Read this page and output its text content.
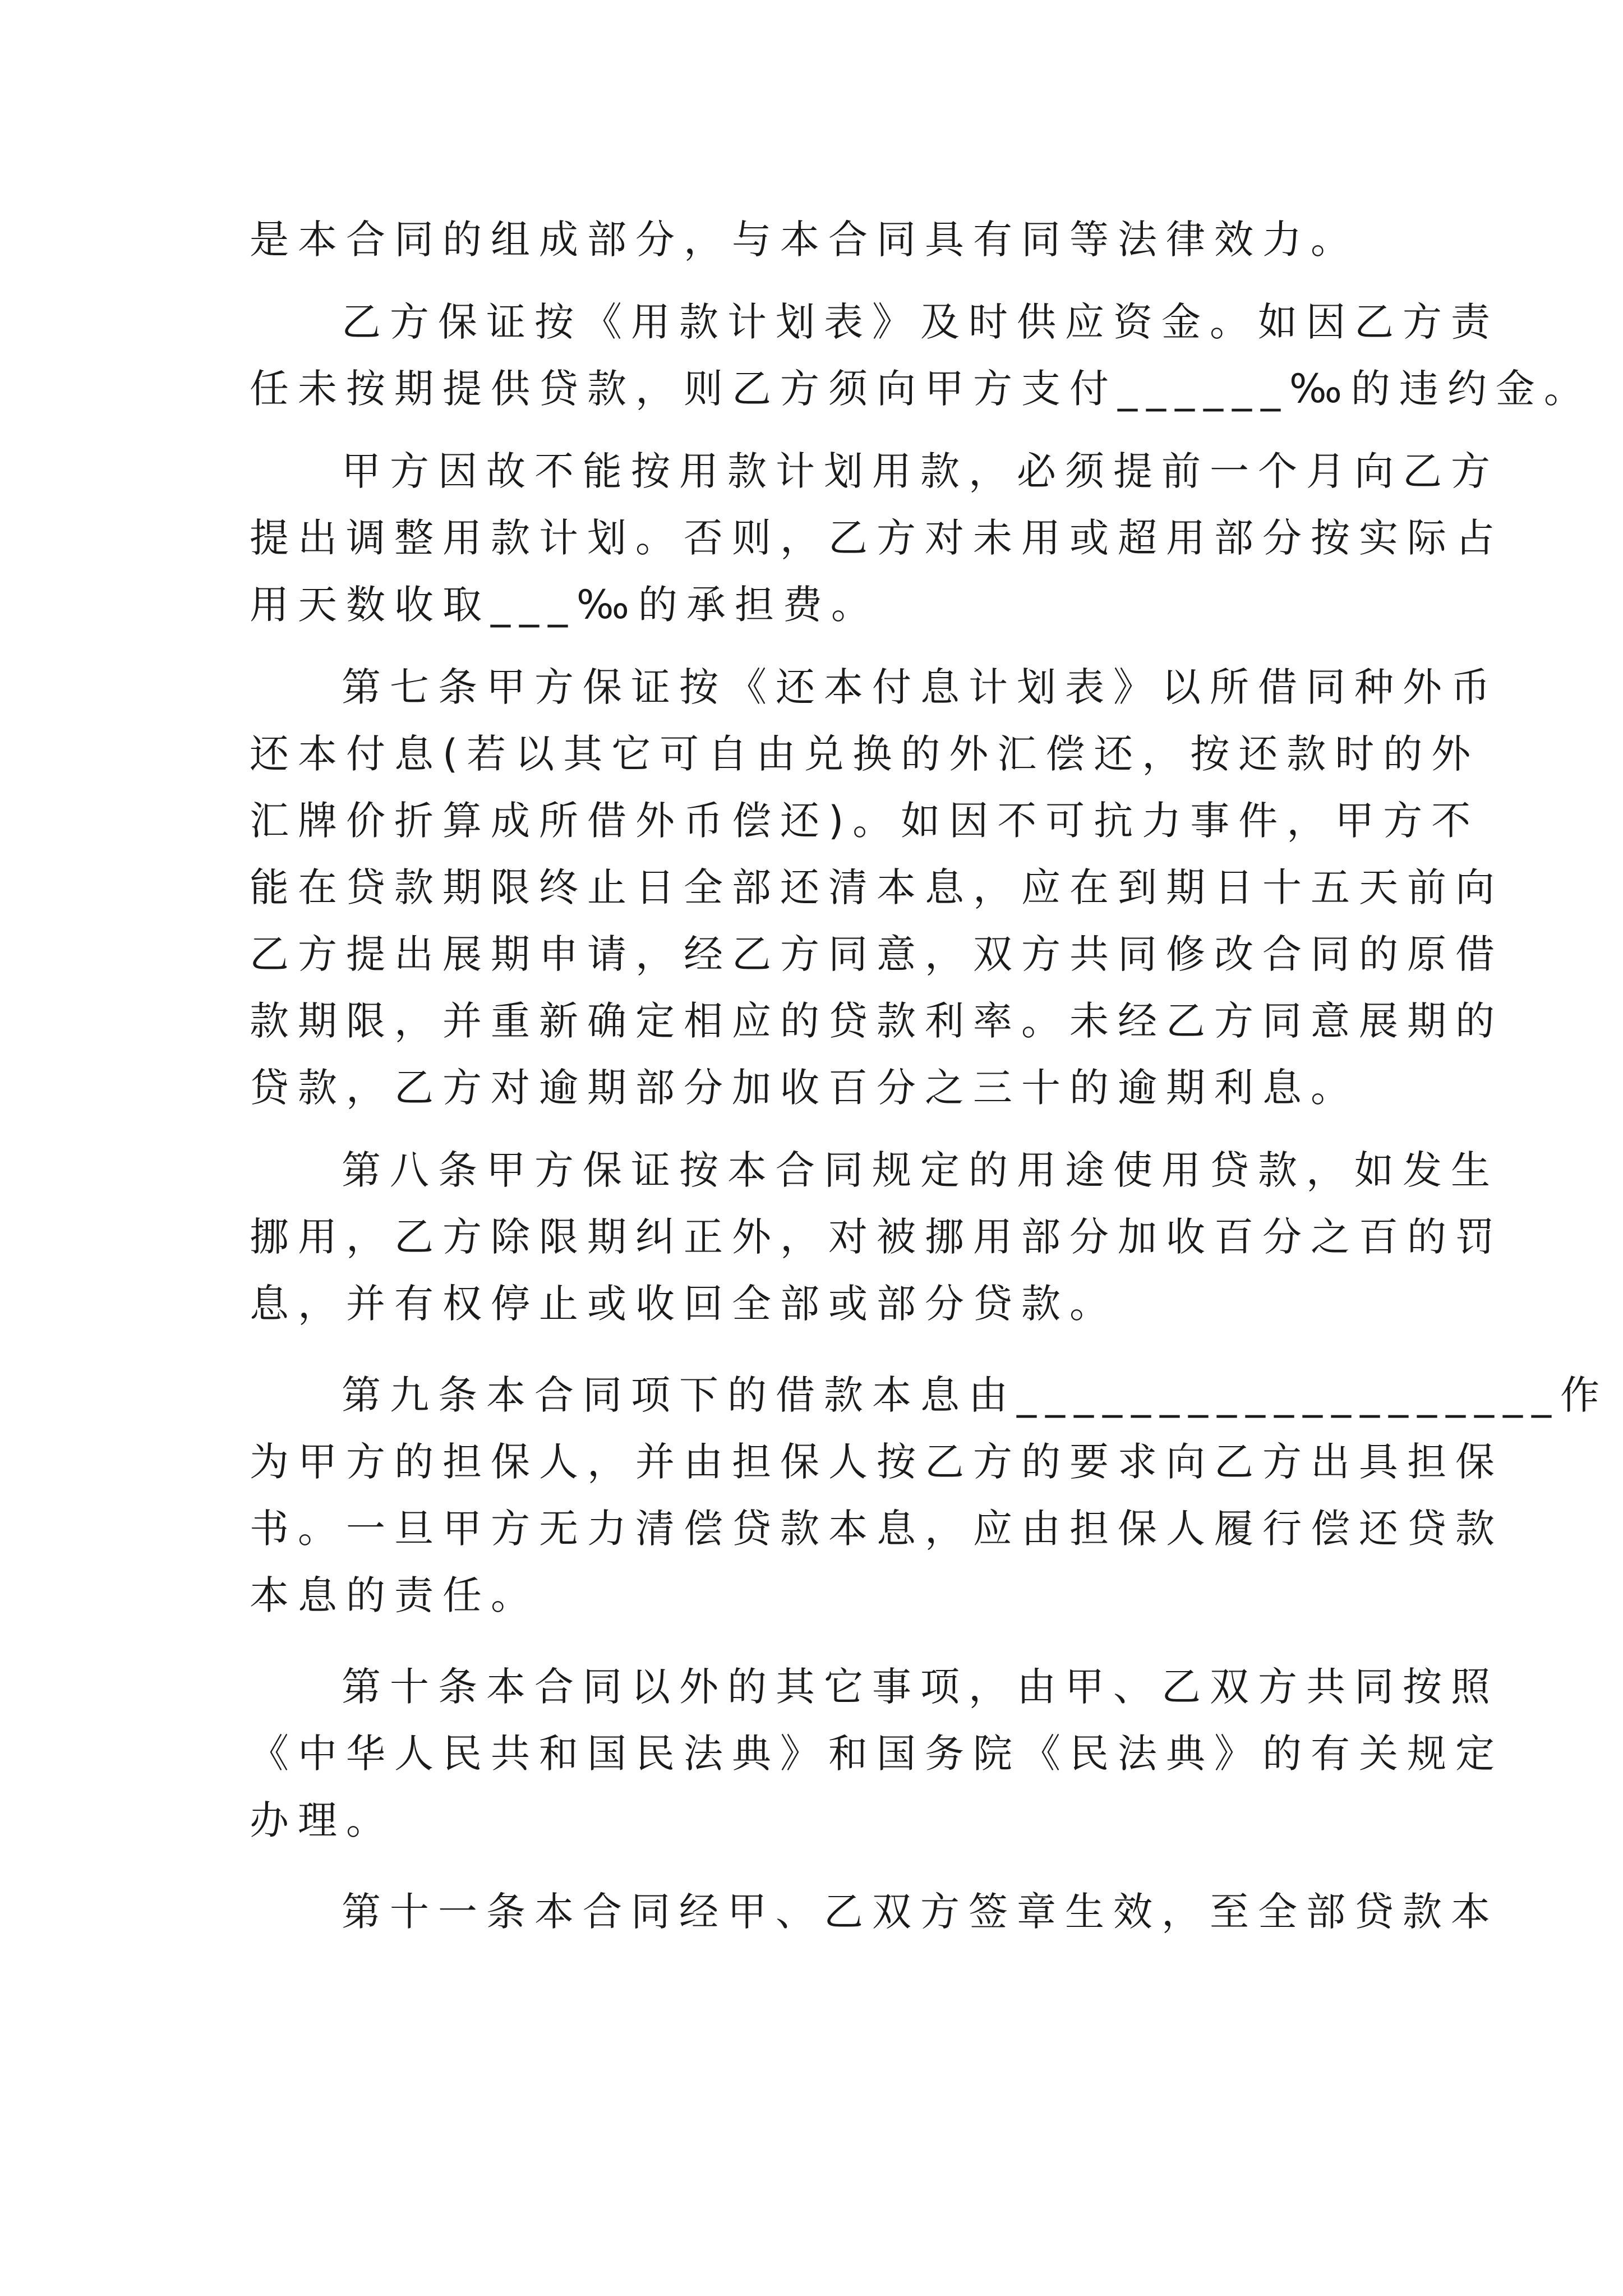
是本合同的组成部分，与本合同具有同等法律效力。
乙方保证按《用款计划表》及时供应资金。如因乙方责
任未按期提供贷款，则乙方须向甲方支付______‰的违约金。
甲方因故不能按用款计划用款，必须提前一个月向乙方
提出调整用款计划。否则，乙方对未用或超用部分按实际占
用天数收取___‰的承担费。
第七条甲方保证按《还本付息计划表》以所借同种外币
还本付息(若以其它可自由兑换的外汇偿还，按还款时的外
汇牌价折算成所借外币偿还)。如因不可抗力事件，甲方不
能在贷款期限终止日全部还清本息，应在到期日十五天前向
乙方提出展期申请，经乙方同意，双方共同修改合同的原借
款期限，并重新确定相应的贷款利率。未经乙方同意展期的
贷款，乙方对逾期部分加收百分之三十的逾期利息。
第八条甲方保证按本合同规定的用途使用贷款，如发生
挪用，乙方除限期纠正外，对被挪用部分加收百分之百的罚
息，并有权停止或收回全部或部分贷款。
第九条本合同项下的借款本息由___________________作
为甲方的担保人，并由担保人按乙方的要求向乙方出具担保
书。一旦甲方无力清偿贷款本息，应由担保人履行偿还贷款
本息的责任。
第十条本合同以外的其它事项，由甲、乙双方共同按照
《中华人民共和国民法典》和国务院《民法典》的有关规定
办理。
第十一条本合同经甲、乙双方签章生效，至全部贷款本
